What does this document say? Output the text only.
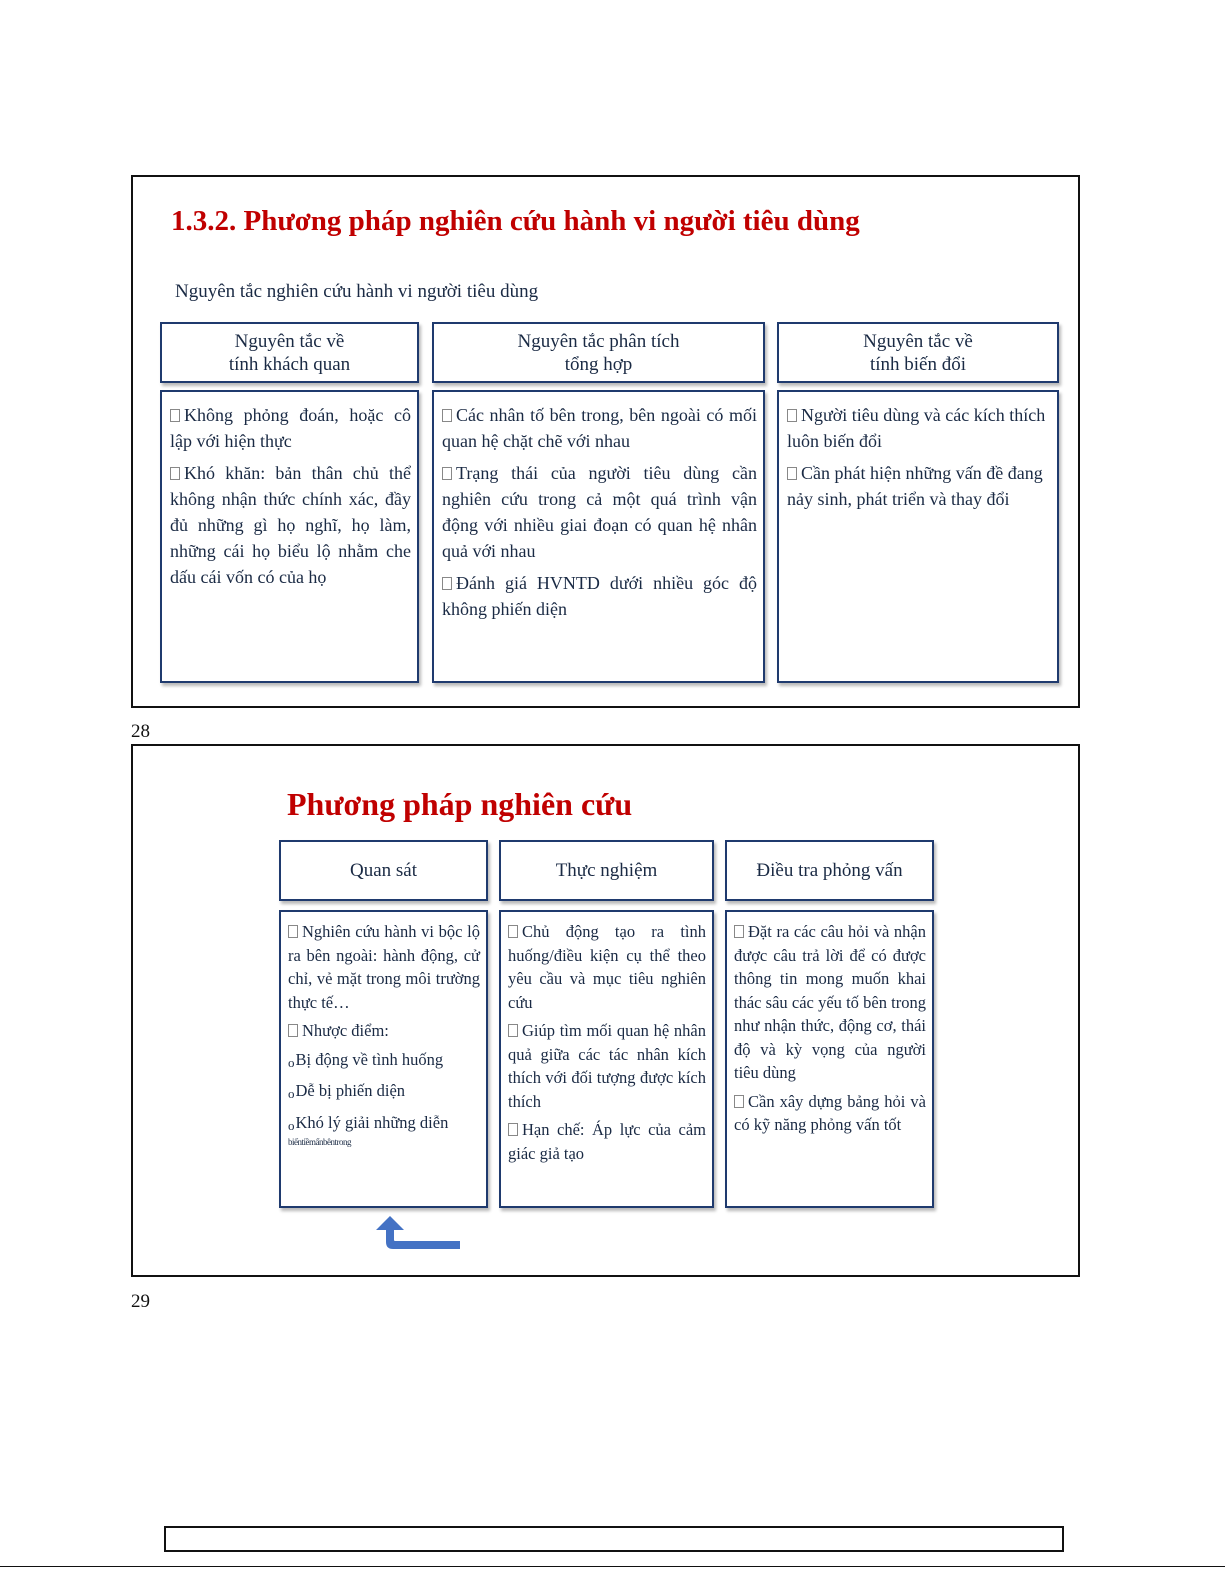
1.3.2. Phương pháp nghiên cứu hành vi người tiêu dùng
Nguyên tắc nghiên cứu hành vi người tiêu dùng
Nguyên tắc về
tính khách quan
Nguyên tắc phân tích
tổng hợp
Nguyên tắc về
tính biến đổi

Không phỏng đoán, hoặc cô lập với hiện thực

Khó khăn: bản thân chủ thể không nhận thức chính xác, đầy đủ những gì họ nghĩ, họ làm, những cái họ biểu lộ nhằm che dấu cái vốn có của họ

Các nhân tố bên trong, bên ngoài có mối quan hệ chặt chẽ với nhau

Trạng thái của người tiêu dùng cần nghiên cứu trong cả một quá trình vận động với nhiều giai đoạn có quan hệ nhân quả với nhau

Đánh giá HVNTD dưới nhiều góc độ không phiến diện

Người tiêu dùng và các kích thích luôn biến đổi

Cần phát hiện những vấn đề đang nảy sinh, phát triển và thay đổi

28
Phương pháp nghiên cứu
Quan sát	Thực nghiệm	Điều tra phỏng vấn

Nghiên cứu hành vi bộc lộ ra bên ngoài: hành động, cử chỉ, vẻ mặt trong môi trường thực tế…

Nhược điểm:

oBị động về tình huống

oDễ bị phiến diện

oKhó lý giải những diễn

biếntiềmẩnbêntrong

Chủ động tạo ra tình huống/điều kiện cụ thể theo yêu cầu và mục tiêu nghiên cứu

Giúp tìm mối quan hệ nhân quả giữa các tác nhân kích thích với đối tượng được kích thích

Hạn chế: Áp lực của cảm giác giả tạo

Đặt ra các câu hỏi và nhận được câu trả lời để có được thông tin mong muốn khai thác sâu các yếu tố bên trong như nhận thức, động cơ, thái độ và kỳ vọng của người tiêu dùng

Cần xây dựng bảng hỏi và có kỹ năng phỏng vấn tốt

29
